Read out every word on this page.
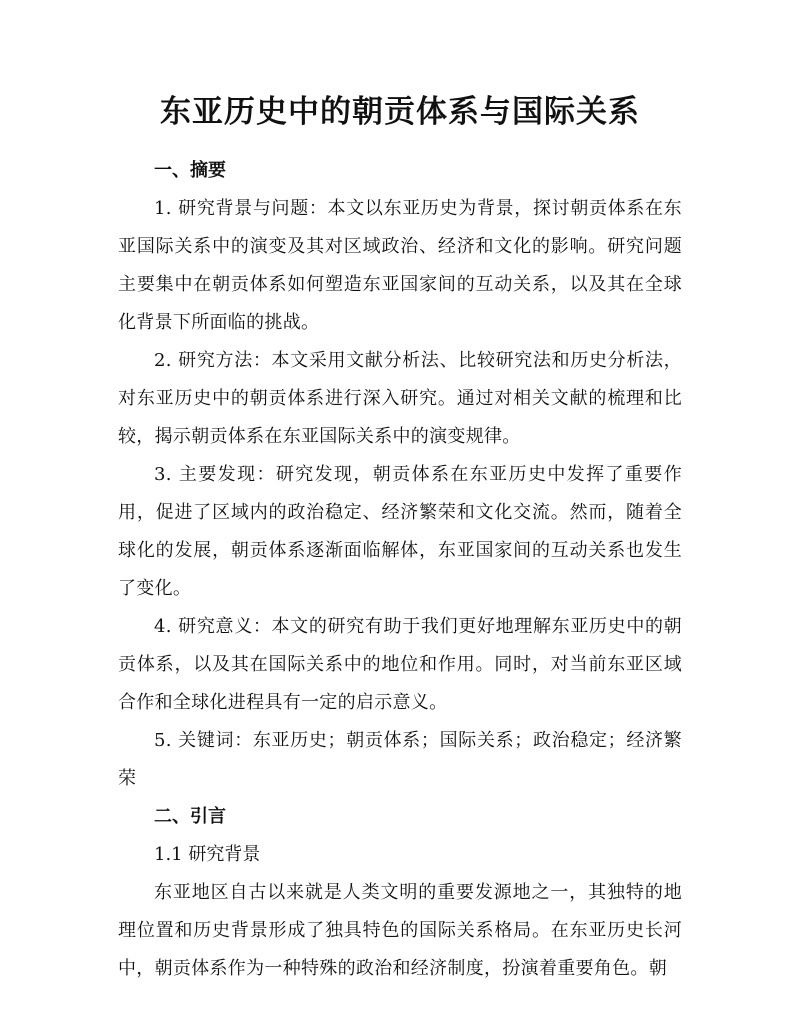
东亚历史中的朝贡体系与国际关系
一、摘要

1. 研究背景与问题：本文以东亚历史为背景，探讨朝贡体系在东亚国际关系中的演变及其对区域政治、经济和文化的影响。研究问题主要集中在朝贡体系如何塑造东亚国家间的互动关系，以及其在全球化背景下所面临的挑战。

2. 研究方法：本文采用文献分析法、比较研究法和历史分析法，对东亚历史中的朝贡体系进行深入研究。通过对相关文献的梳理和比较，揭示朝贡体系在东亚国际关系中的演变规律。

3. 主要发现：研究发现，朝贡体系在东亚历史中发挥了重要作用，促进了区域内的政治稳定、经济繁荣和文化交流。然而，随着全球化的发展，朝贡体系逐渐面临解体，东亚国家间的互动关系也发生了变化。

4. 研究意义：本文的研究有助于我们更好地理解东亚历史中的朝贡体系，以及其在国际关系中的地位和作用。同时，对当前东亚区域合作和全球化进程具有一定的启示意义。

5. 关键词：东亚历史；朝贡体系；国际关系；政治稳定；经济繁荣

二、引言
1.1 研究背景

东亚地区自古以来就是人类文明的重要发源地之一，其独特的地理位置和历史背景形成了独具特色的国际关系格局。在东亚历史长河中，朝贡体系作为一种特殊的政治和经济制度，扮演着重要角色。朝
